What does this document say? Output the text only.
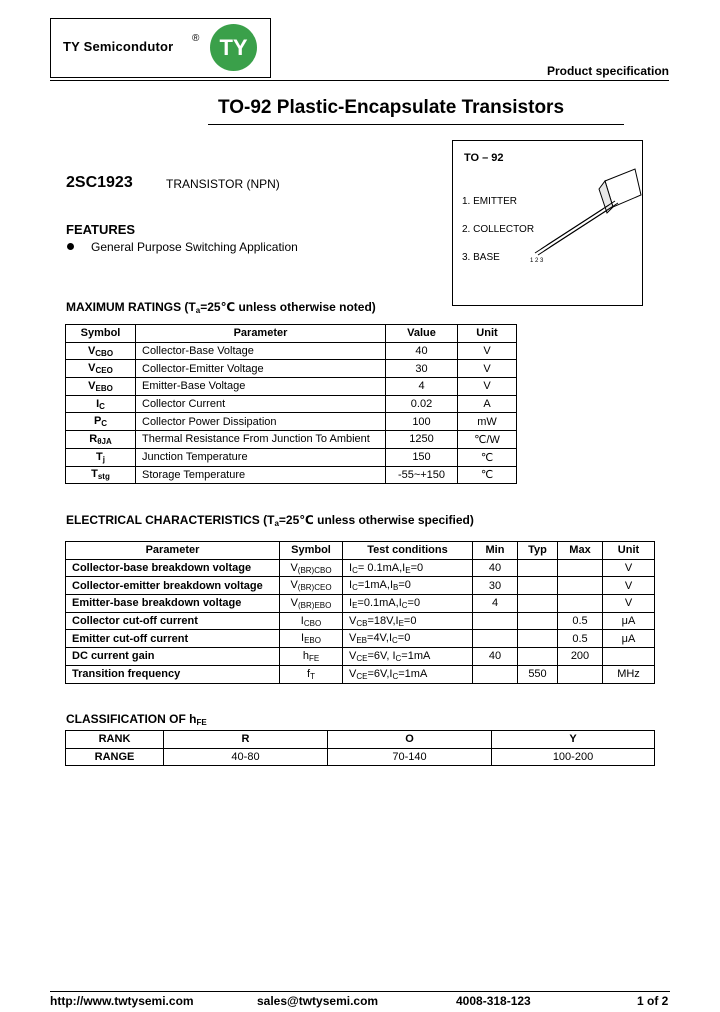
TY Semicondutor
® TY
Product specification
TO-92 Plastic-Encapsulate Transistors
2SC1923	TRANSISTOR (NPN)
FEATURES
General Purpose Switching Application
TO – 92
1. EMITTER
2. COLLECTOR
3. BASE	1 2 3
MAXIMUM RATINGS ($T_a=25℃$ unless otherwise noted)
Symbol	Parameter	Value	Unit
$V_{CBO}$	Collector-Base Voltage	40	V
$V_{CEO}$	Collector-Emitter Voltage	30	V
$V_{EBO}$	Emitter-Base Voltage	4	V
$I_C$	Collector Current	0.02	A
$P_C$	Collector Power Dissipation	100	mW
$R_{\theta JA}$	Thermal Resistance From Junction To Ambient	1250	℃/W
$T_j$	Junction Temperature	150	℃
$T_{stg}$	Storage Temperature	-55~+150	℃
ELECTRICAL CHARACTERISTICS ($T_a=25℃$ unless otherwise specified)
Parameter	Symbol	Test conditions	Min	Typ	Max	Unit
Collector-base breakdown voltage	$V_{(BR)CBO}$	$I_C= 0.1mA,I_E=0$	40			V
Collector-emitter breakdown voltage	$V_{(BR)CEO}$	$I_C=1mA,I_B=0$	30			V
Emitter-base breakdown voltage	$V_{(BR)EBO}$	$I_E=0.1mA,I_C=0$	4			V
Collector cut-off current	$I_{CBO}$	$V_{CB}=18V,I_E=0$			0.5	μA
Emitter cut-off current	$I_{EBO}$	$V_{EB}=4V,I_C=0$			0.5	μA
DC current gain	$h_{FE}$	$V_{CE}=6V$, $I_C=1mA$	40		200	
Transition frequency	$f_T$	$V_{CE}=6V,I_C=1mA$		550		MHz
CLASSIFICATION OF $h_{FE}$
RANK	R	O	Y
RANGE	40-80	70-140	100-200
http://www.twtysemi.com	sales@twtysemi.com	4008-318-123	1 of 2
